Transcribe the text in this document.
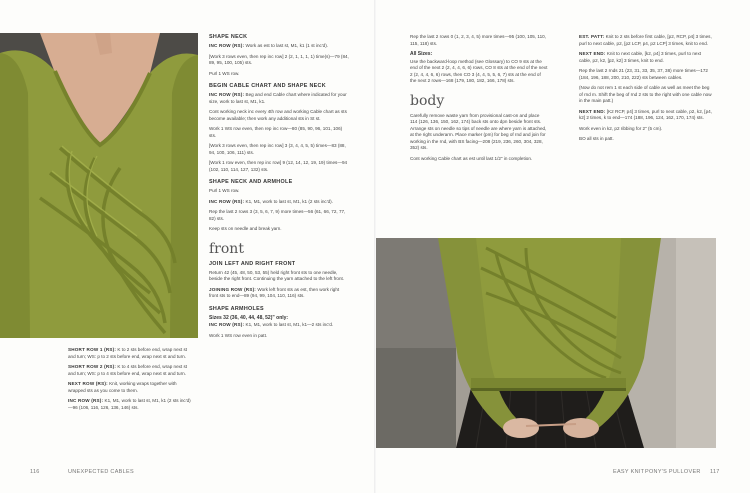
SHORT ROW 1 (RS): K to 2 sts before end, wrap next st and turn; WS: p to 2 sts before end, wrap next st and turn.

SHORT ROW 2 (RS): K to 4 sts before end, wrap next st and turn; WS: p to 4 sts before end, wrap next st and turn.

NEXT ROW (RS): Knit, working wraps together with wrapped sts as you come to them.

INC ROW (RS): K1, M1, work to last st, M1, k1 (2 sts inc'd)—96 (106, 116, 126, 136, 146) sts.

SHAPE NECK

INC ROW (RS): Work as est to last st, M1, k1 (1 st inc'd).

[Work 3 rows even, then rep inc row] 2 (2, 1, 1, 1, 1) time(s)—79 (84, 89, 95, 100, 105) sts.

Purl 1 WS row.

BEGIN CABLE CHART AND SHAPE NECK

INC ROW (RS): Beg and end Cable chart where indicated for your size, work to last st, M1, k1.

Cont working neck inc every 4th row and working Cable chart as sts become available; then work any additional sts in St st.

Work 1 WS row even, then rep inc row—80 (85, 90, 96, 101, 106) sts.

[Work 3 rows even, then rep inc row] 3 (3, 4, 4, 5, 5) times—83 (88, 94, 100, 106, 111) sts.

[Work 1 row even, then rep inc row] 9 (12, 14, 12, 19, 19) times—94 (102, 110, 114, 127, 132) sts.

SHAPE NECK AND ARMHOLE

Purl 1 WS row.

INC ROW (RS): K1, M1, work to last st, M1, k1 (2 sts inc'd).

Rep the last 2 rows 3 (3, 5, 6, 7, 9) more times—56 (61, 66, 72, 77, 82) sts.

Keep sts on needle and break yarn.

front
JOIN LEFT AND RIGHT FRONT

Return 42 (45, 48, 50, 53, 55) held right front sts to one needle, beside the right front. Continuing the yarn attached to the left front.

JOINING ROW (RS): Work left front sts as est, then work right front sts to end—89 (94, 99, 104, 110, 116) sts.

SHAPE ARMHOLES

Sizes 32 (36, 40, 44, 48, 52)" only:

INC ROW (RS): K1, M1, work to last st, M1, k1—2 sts inc'd.

Work 1 WS row even in patt.

Rep the last 2 rows 0 (1, 2, 3, 4, 5) more times—95 (100, 105, 110, 115, 118) sts.

All Sizes:

Use the backward-loop method (see Glossary) to CO 9 sts at the end of the next 2 (2, 4, 4, 6, 6) rows, CO 8 sts at the end of the next 2 (2, 4, 4, 6, 6) rows, then CO 3 (4, 4, 5, 5, 6, 7) sts at the end of the next 2 rows—168 (179, 180, 182, 166, 178) sts.

body

Carefully remove waste yarn from provisional cast-on and place 114 (126, 136, 150, 162, 174) back sts onto dpn beside front sts. Arrange sts on needle so tips of needle are where yarn is attached, at the right underarm. Place marker (pm) for beg of rnd and join for working in the rnd, with BS facing—208 (219, 236, 260, 304, 328, 352) sts.

Cont working Cable chart as est until last 1/2" in completion.

EST. PATT: Knit to 2 sts before first cable, [p2, RCP, p4] 3 times, purl to next cable, p2, [p2 LCP, p4, p2 LCP] 3 times, knit to end.

NEXT END: Knit to next cable, [k2, p4] 3 times, purl to next cable, p2, k2, [p2, k2] 3 times, knit to end.

Rep the last 2 rnds 21 (23, 31, 33, 35, 37, 38) more times—172 (184, 196, 188, 200, 210, 222) sts between cables.

(Now do not rem 1 st each side of cable as well as meet the beg of rnd m. Shift the beg of rnd 2 sts to the right with one cable now in the main patt.)

NEXT END: [K2 RCP, p4] 3 times, purl to next cable, p2, k2, [p4, k2] 2 times, k to end—174 (188, 196, 124, 162, 170, 174) sts.

Work even in k2, p2 ribbing for 2" (5 cm).

BO all sts in patt.

116	UNEXPECTED CABLES	EASY KNIT PONY'S PULLOVER 117
